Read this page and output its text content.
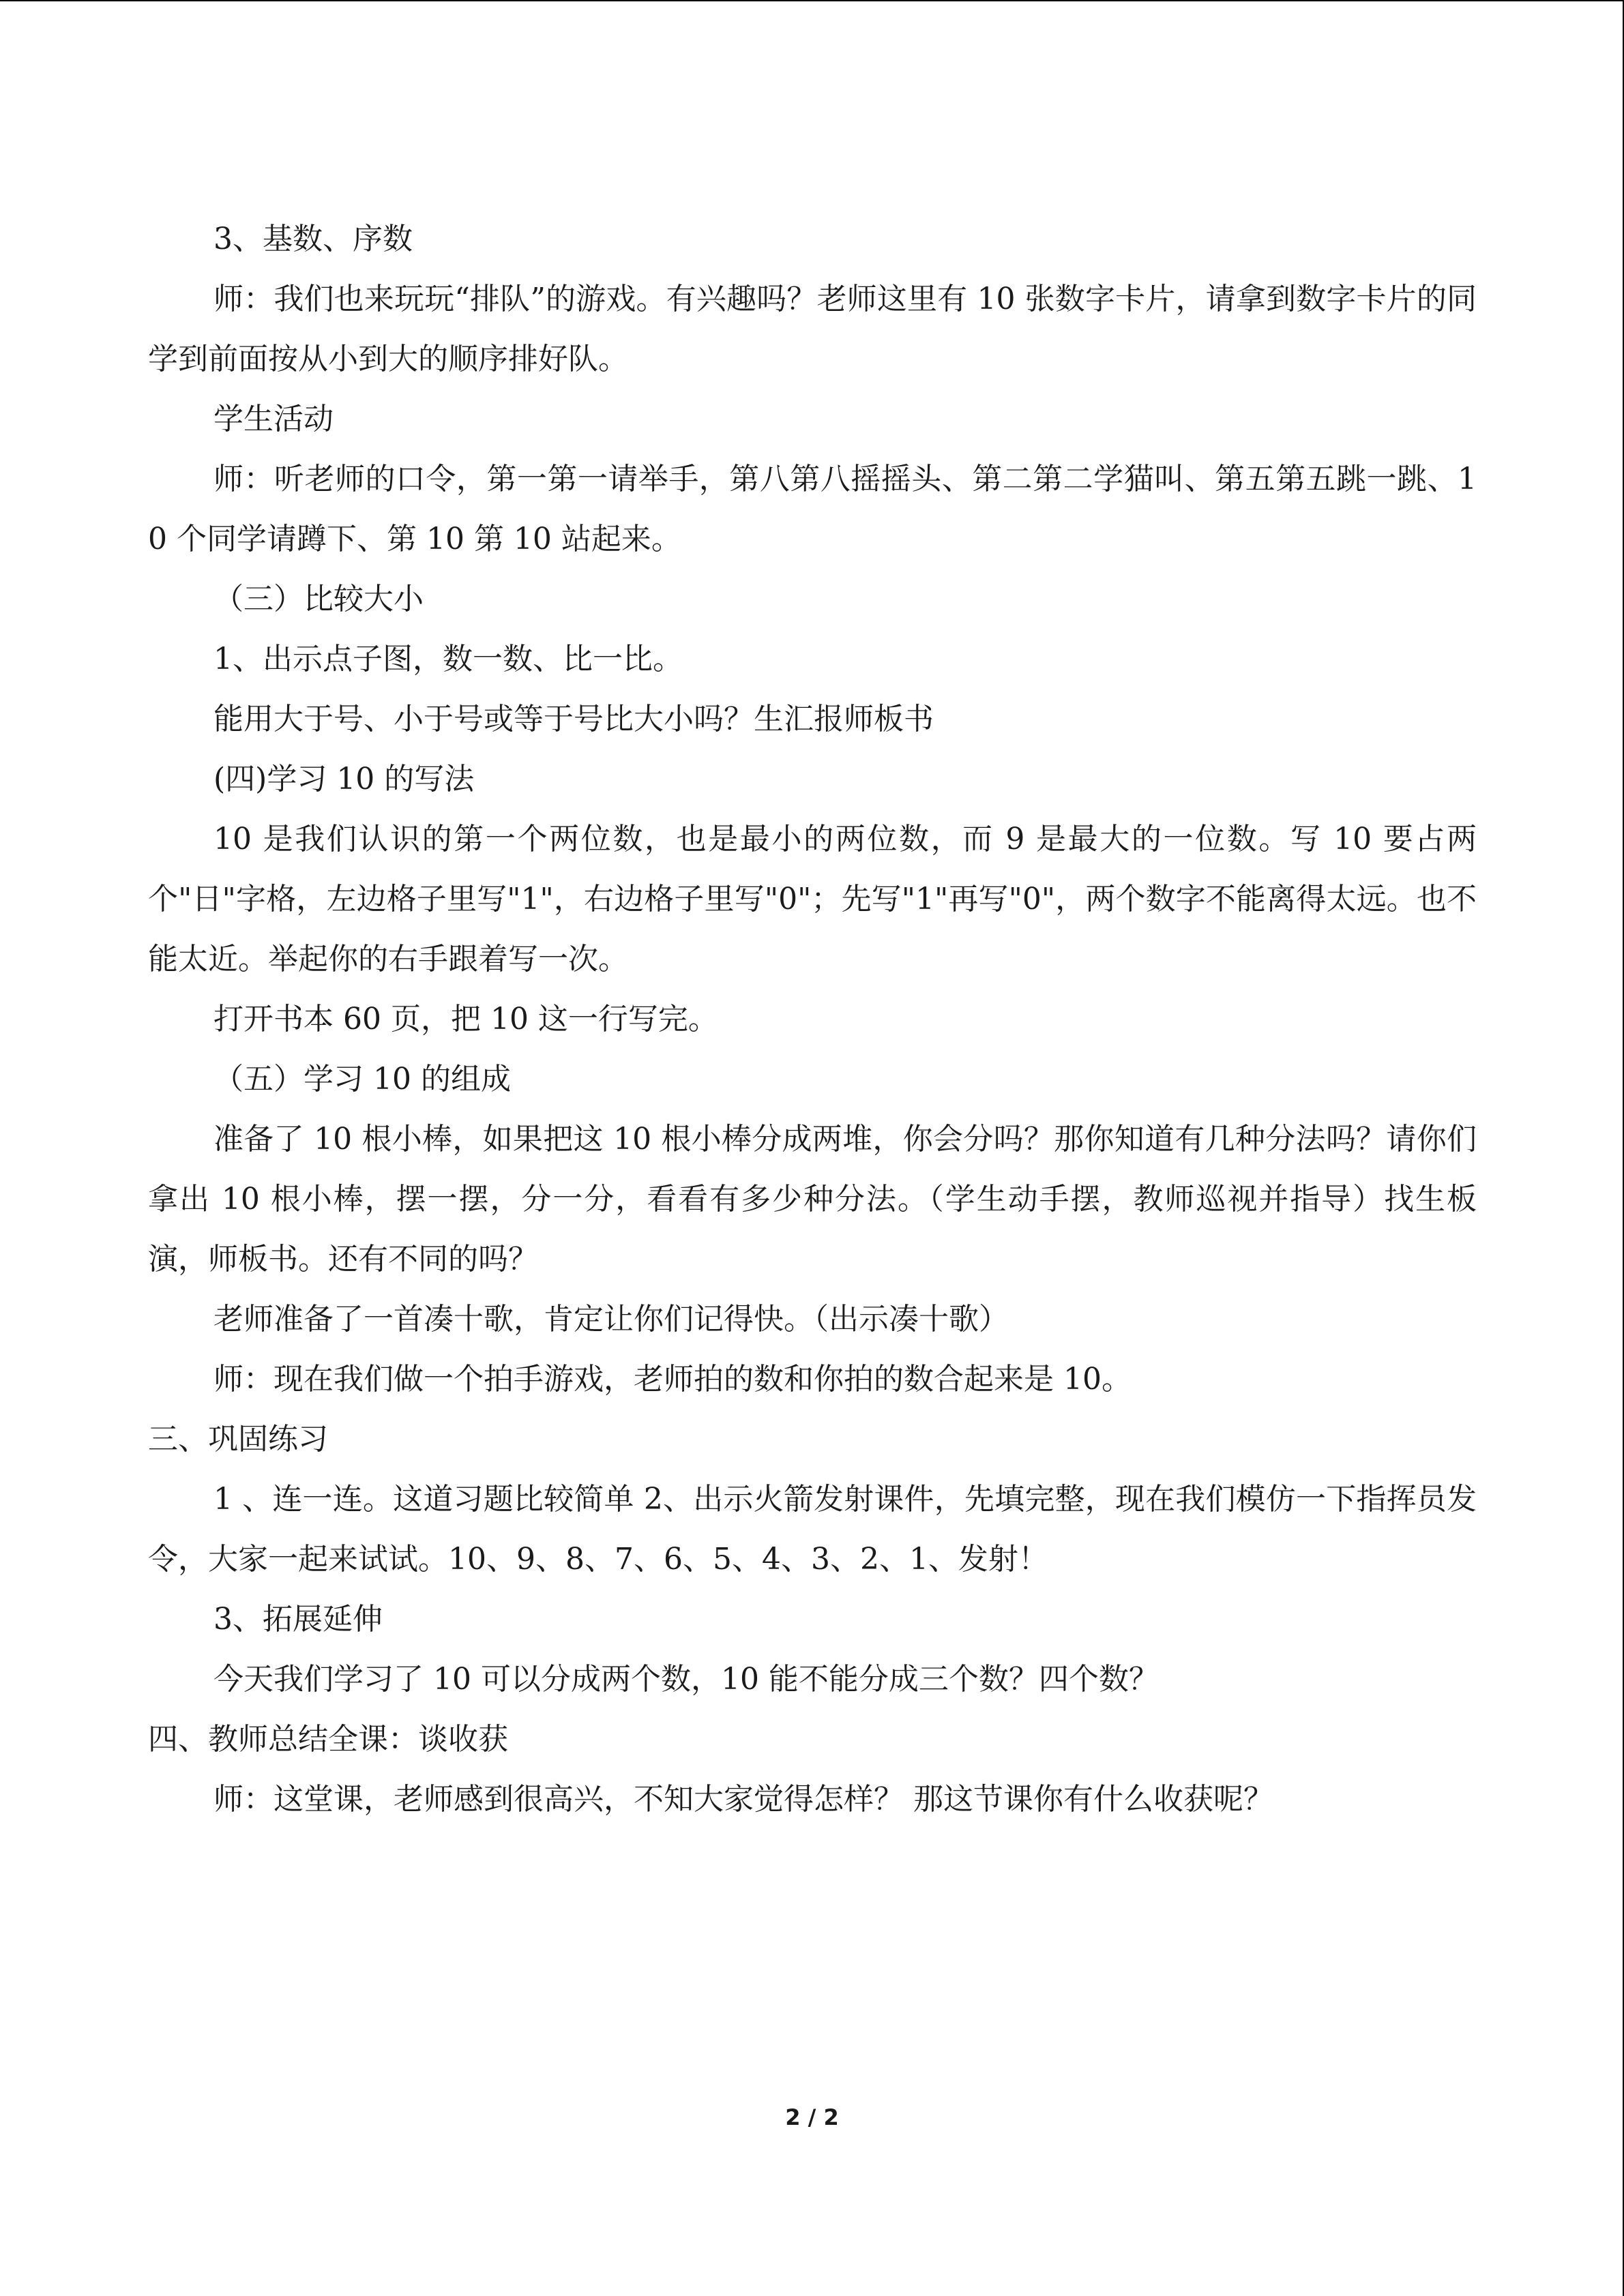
3、基数、序数

师：我们也来玩玩“排队”的游戏。有兴趣吗？老师这里有 10 张数字卡片，请拿到数字卡片的同学到前面按从小到大的顺序排好队。

学生活动

师：听老师的口令，第一第一请举手，第八第八摇摇头、第二第二学猫叫、第五第五跳一跳、10 个同学请蹲下、第 10 第 10 站起来。

（三）比较大小

1、出示点子图，数一数、比一比。

能用大于号、小于号或等于号比大小吗？生汇报师板书

(四)学习 10 的写法

10 是我们认识的第一个两位数，也是最小的两位数，而 9 是最大的一位数。写 10 要占两个"日"字格，左边格子里写"1"，右边格子里写"0"；先写"1"再写"0"，两个数字不能离得太远。也不能太近。举起你的右手跟着写一次。

打开书本 60 页，把 10 这一行写完。

（五）学习 10 的组成

准备了 10 根小棒，如果把这 10 根小棒分成两堆，你会分吗？那你知道有几种分法吗？请你们拿出 10 根小棒，摆一摆，分一分，看看有多少种分法。（学生动手摆，教师巡视并指导）找生板演，师板书。还有不同的吗？

老师准备了一首凑十歌，肯定让你们记得快。（出示凑十歌）

师：现在我们做一个拍手游戏，老师拍的数和你拍的数合起来是 10。

三、巩固练习

1 、连一连。这道习题比较简单 2、出示火箭发射课件，先填完整，现在我们模仿一下指挥员发令，大家一起来试试。10、9、8、7、6、5、4、3、2、1、发射！

3、拓展延伸

今天我们学习了 10 可以分成两个数，10 能不能分成三个数？四个数？

四、教师总结全课：谈收获

师：这堂课，老师感到很高兴，不知大家觉得怎样？ 那这节课你有什么收获呢？

2 / 2
